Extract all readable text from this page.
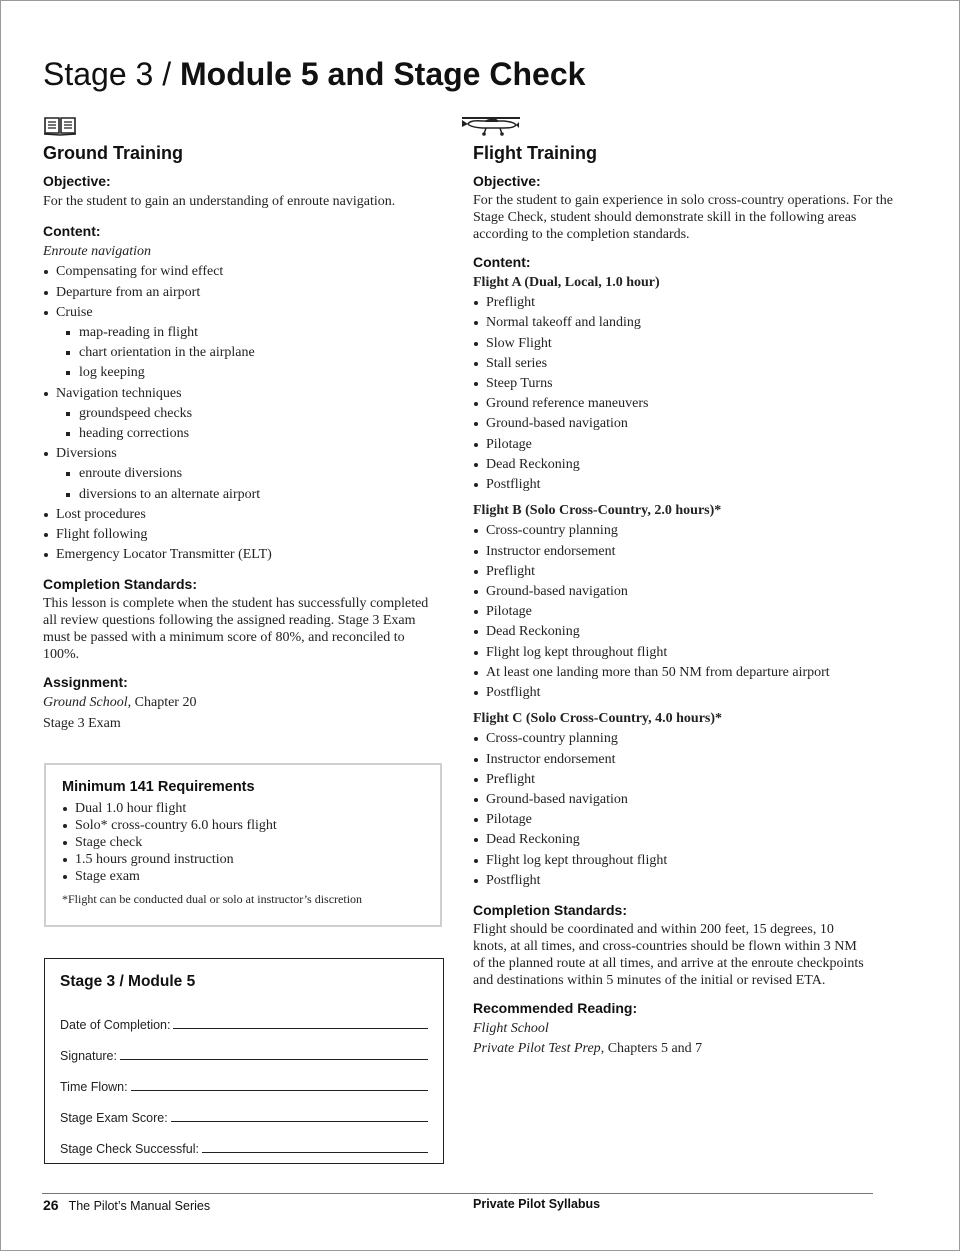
Stage 3 / Module 5 and Stage Check
Ground Training
Objective:

For the student to gain an understanding of enroute navigation.

Content:

Enroute navigation

Compensating for wind effect
Departure from an airport
Cruise
map-reading in flight
chart orientation in the airplane
log keeping
Navigation techniques
groundspeed checks
heading corrections
Diversions
enroute diversions
diversions to an alternate airport
Lost procedures
Flight following
Emergency Locator Transmitter (ELT)
Completion Standards:

This lesson is complete when the student has successfully completed all review questions following the assigned reading. Stage 3 Exam must be passed with a minimum score of 80%, and reconciled to 100%.

Assignment:

Ground School, Chapter 20

Stage 3 Exam

Minimum 141 Requirements
Dual 1.0 hour flight
Solo* cross-country 6.0 hours flight
Stage check
1.5 hours ground instruction
Stage exam

*Flight can be conducted dual or solo at instructor’s discretion

Stage 3 / Module 5
Date of Completion:
Signature:
Time Flown:
Stage Exam Score:
Stage Check Successful:
Flight Training
Objective:

For the student to gain experience in solo cross-country operations. For the Stage Check, student should demonstrate skill in the following areas according to the completion standards.

Content:

Flight A (Dual, Local, 1.0 hour)

Preflight
Normal takeoff and landing
Slow Flight
Stall series
Steep Turns
Ground reference maneuvers
Ground-based navigation
Pilotage
Dead Reckoning
Postflight

Flight B (Solo Cross-Country, 2.0 hours)*

Cross-country planning
Instructor endorsement
Preflight
Ground-based navigation
Pilotage
Dead Reckoning
Flight log kept throughout flight
At least one landing more than 50 NM from departure airport
Postflight

Flight C (Solo Cross-Country, 4.0 hours)*

Cross-country planning
Instructor endorsement
Preflight
Ground-based navigation
Pilotage
Dead Reckoning
Flight log kept throughout flight
Postflight
Completion Standards:

Flight should be coordinated and within 200 feet, 15 degrees, 10 knots, at all times, and cross-countries should be flown within 3 NM of the planned route at all times, and arrive at the enroute checkpoints and destinations within 5 minutes of the initial or revised ETA.

Recommended Reading:

Flight School

Private Pilot Test Prep, Chapters 5 and 7

26 The Pilot’s Manual Series	Private Pilot Syllabus
